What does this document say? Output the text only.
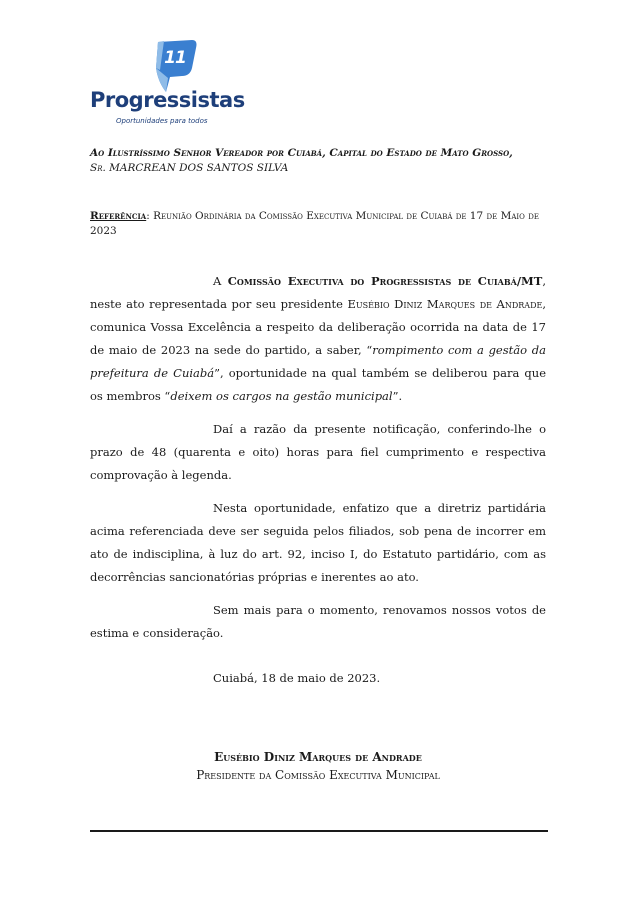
11
Progressistas
Oportunidades para todos
Ao Ilustríssimo Senhor Vereador por Cuiabá, Capital do Estado de Mato Grosso,
Sr. MARCREAN DOS SANTOS SILVA
Referência: Reunião Ordinária da Comissão Executiva Municipal de Cuiabá de 17 de Maio de 2023

A Comissão Executiva do Progressistas de Cuiabá/MT, neste ato representada por seu presidente Eusébio Diniz Marques de Andrade, comunica Vossa Excelência a respeito da deliberação ocorrida na data de 17 de maio de 2023 na sede do partido, a saber, “rompimento com a gestão da prefeitura de Cuiabá”, oportunidade na qual também se deliberou para que os membros “deixem os cargos na gestão municipal”.

Daí a razão da presente notificação, conferindo-lhe o prazo de 48 (quarenta e oito) horas para fiel cumprimento e respectiva comprovação à legenda.

Nesta oportunidade, enfatizo que a diretriz partidária acima referenciada deve ser seguida pelos filiados, sob pena de incorrer em ato de indisciplina, à luz do art. 92, inciso I, do Estatuto partidário, com as decorrências sancionatórias próprias e inerentes ao ato.

Sem mais para o momento, renovamos nossos votos de estima e consideração.

Cuiabá, 18 de maio de 2023.
Eusébio Diniz Marques de Andrade
Presidente da Comissão Executiva Municipal
